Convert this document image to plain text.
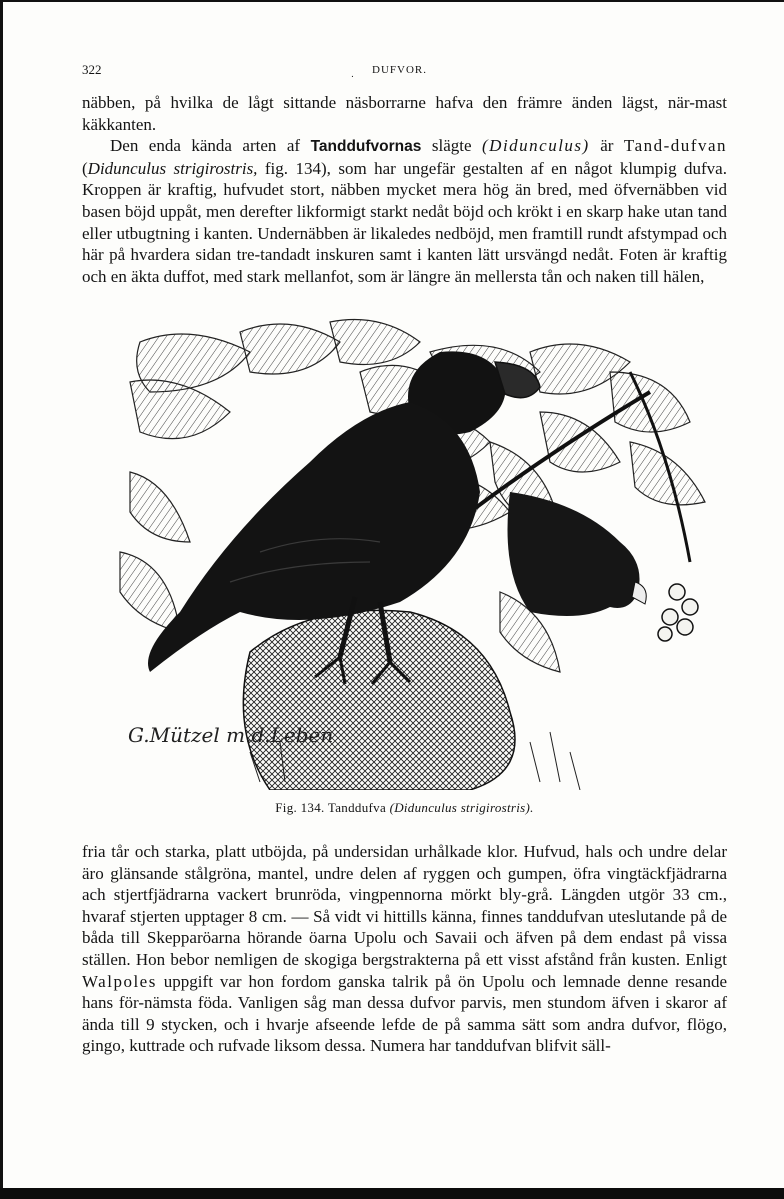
322	. DUFVOR.

näbben, på hvilka de lågt sittande näsborrarne hafva den främre änden lägst, när-mast käkkanten.

Den enda kända arten af Tanddufvornas slägte (Didunculus) är Tand-dufvan (Didunculus strigirostris, fig. 134), som har ungefär gestalten af en något klumpig dufva. Kroppen är kraftig, hufvudet stort, näbben mycket mera hög än bred, med öfvernäbben vid basen böjd uppåt, men derefter likformigt starkt nedåt böjd och krökt i en skarp hake utan tand eller utbugtning i kanten. Undernäbben är likaledes nedböjd, men framtill rundt afstympad och här på hvardera sidan tre-tandadt inskuren samt i kanten lätt ursvängd nedåt. Foten är kraftig och en äkta duffot, med stark mellanfot, som är längre än mellersta tån och naken till hälen,

G.Mützel m.d.Leben
Fig. 134. Tanddufva (Didunculus strigirostris).

fria tår och starka, platt utböjda, på undersidan urhålkade klor. Hufvud, hals och undre delar äro glänsande stålgröna, mantel, undre delen af ryggen och gumpen, öfra vingtäckfjädrarna ach stjertfjädrarna vackert brunröda, vingpennorna mörkt bly-grå. Längden utgör 33 cm., hvaraf stjerten upptager 8 cm. — Så vidt vi hittills känna, finnes tanddufvan uteslutande på de båda till Skepparöarna hörande öarna Upolu och Savaii och äfven på dem endast på vissa ställen. Hon bebor nemligen de skogiga bergstrakterna på ett visst afstånd från kusten. Enligt Walpoles uppgift var hon fordom ganska talrik på ön Upolu och lemnade denne resande hans för-nämsta föda. Vanligen såg man dessa dufvor parvis, men stundom äfven i skaror af ända till 9 stycken, och i hvarje afseende lefde de på samma sätt som andra dufvor, flögo, gingo, kuttrade och rufvade liksom dessa. Numera har tanddufvan blifvit säll-
